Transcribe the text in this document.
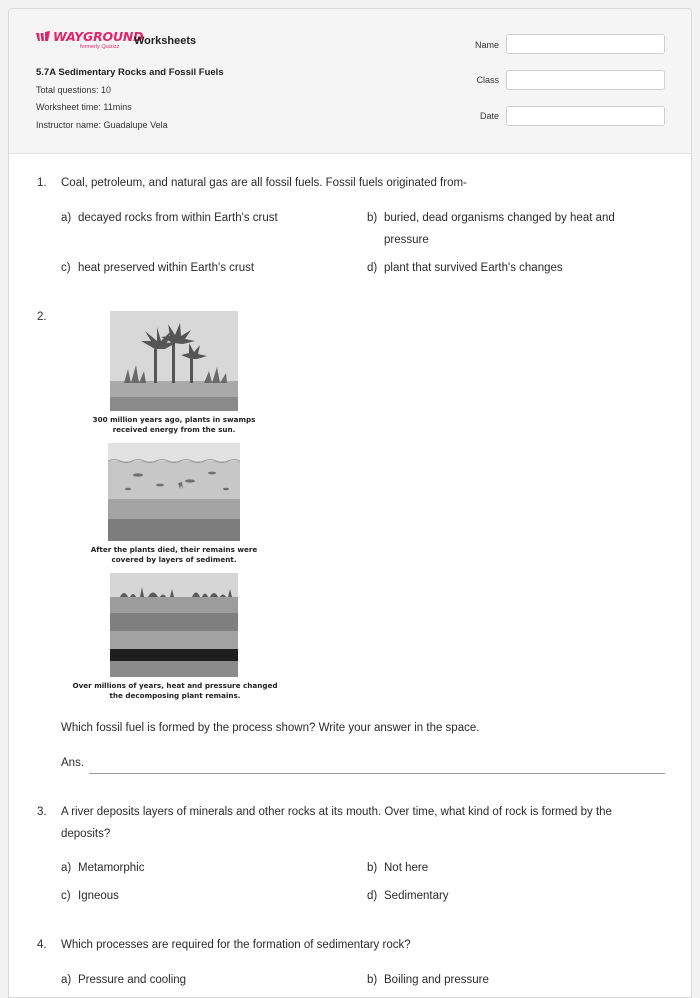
WAYGROUND
formerly Quizizz Worksheets
5.7A Sedimentary Rocks and Fossil Fuels
Total questions: 10
Worksheet time: 11mins
Instructor name: Guadalupe Vela
Name
Class
Date
1. Coal, petroleum, and natural gas are all fossil fuels. Fossil fuels originated from-
a) decayed rocks from within Earth's crust	b) buried, dead organisms changed by heat and pressure
c) heat preserved within Earth's crust	d) plant that survived Earth's changes
2.
300 million years ago, plants in swamps
received energy from the sun.
After the plants died, their remains were
covered by layers of sediment.
Over millions of years, heat and pressure changed
the decomposing plant remains.
Which fossil fuel is formed by the process shown? Write your answer in the space.
Ans.
3. A river deposits layers of minerals and other rocks at its mouth. Over time, what kind of rock is formed by the deposits?
a) Metamorphic	b) Not here
c) Igneous	d) Sedimentary
4. Which processes are required for the formation of sedimentary rock?
a) Pressure and cooling	b) Boiling and pressure
